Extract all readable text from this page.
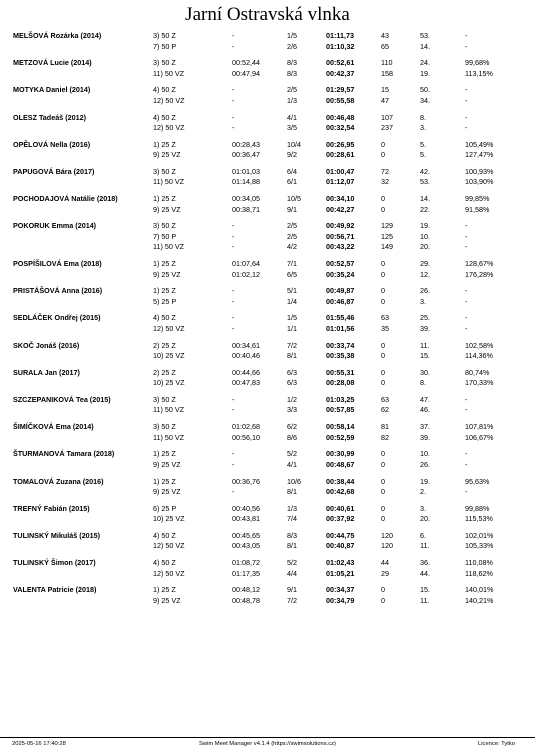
Jarní Ostravská vlnka
MELŠOVÁ Rozárka (2014)	3) 50 Z	-	1/5	01:11,73	43	53.	-
7) 50 P	-	2/6	01:10,32	65	14.	-
METZOVÁ Lucie (2014)	3) 50 Z	00:52,44	8/3	00:52,61	110	24.	99,68%
11) 50 VZ	00:47,94	8/3	00:42,37	158	19.	113,15%
MOTYKA Daniel (2014)	4) 50 Z	-	2/5	01:29,57	15	50.	-
12) 50 VZ	-	1/3	00:55,58	47	34.	-
OLESZ Tadeáš (2012)	4) 50 Z	-	4/1	00:46,48	107	8.	-
12) 50 VZ	-	3/5	00:32,54	237	3.	-
OPĚLOVÁ Nella (2016)	1) 25 Z	00:28,43	10/4	00:26,95	0	5.	105,49%
9) 25 VZ	00:36,47	9/2	00:28,61	0	5.	127,47%
PAPUGOVÁ Bára (2017)	3) 50 Z	01:01,03	6/4	01:00,47	72	42.	100,93%
11) 50 VZ	01:14,88	6/1	01:12,07	32	53.	103,90%
POCHODAJOVÁ Natálie (2018)	1) 25 Z	00:34,05	10/5	00:34,10	0	14.	99,85%
9) 25 VZ	00:38,71	9/1	00:42,27	0	22.	91,58%
POKORUK Emma (2014)	3) 50 Z	-	2/5	00:49,92	129	19.	-
7) 50 P	-	2/5	00:56,71	125	10.	-
11) 50 VZ	-	4/2	00:43,22	149	20.	-
POSPÍŠILOVÁ Ema (2018)	1) 25 Z	01:07,64	7/1	00:52,57	0	29.	128,67%
9) 25 VZ	01:02,12	6/5	00:35,24	0	12.	176,28%
PRISTÁŠOVÁ Anna (2016)	1) 25 Z	-	5/1	00:49,87	0	26.	-
5) 25 P	-	1/4	00:46,87	0	3.	-
SEDLÁČEK Ondřej (2015)	4) 50 Z	-	1/5	01:55,46	63	25.	-
12) 50 VZ	-	1/1	01:01,56	35	39.	-
SKOČ Jonáš (2016)	2) 25 Z	00:34,61	7/2	00:33,74	0	11.	102,58%
10) 25 VZ	00:40,46	8/1	00:35,38	0	15.	114,36%
SURALA Jan (2017)	2) 25 Z	00:44,66	6/3	00:55,31	0	30.	80,74%
10) 25 VZ	00:47,83	6/3	00:28,08	0	8.	170,33%
SZCZEPANIKOVÁ Tea (2015)	3) 50 Z	-	1/2	01:03,25	63	47.	-
11) 50 VZ	-	3/3	00:57,85	62	46.	-
ŠIMÍČKOVÁ Ema (2014)	3) 50 Z	01:02,68	6/2	00:58,14	81	37.	107,81%
11) 50 VZ	00:56,10	8/6	00:52,59	82	39.	106,67%
ŠTURMANOVÁ Tamara (2018)	1) 25 Z	-	5/2	00:30,99	0	10.	-
9) 25 VZ	-	4/1	00:48,67	0	26.	-
TOMALOVÁ Zuzana (2016)	1) 25 Z	00:36,76	10/6	00:38,44	0	19.	95,63%
9) 25 VZ	-	8/1	00:42,68	0	2.	-
TREFNÝ Fabián (2015)	6) 25 P	00:40,56	1/3	00:40,61	0	3.	99,88%
10) 25 VZ	00:43,81	7/4	00:37,92	0	20.	115,53%
TULINSKÝ Mikuláš (2015)	4) 50 Z	00:45,65	8/3	00:44,75	120	6.	102,01%
12) 50 VZ	00:43,05	8/1	00:40,87	120	11.	105,33%
TULINSKÝ Šimon (2017)	4) 50 Z	01:08,72	5/2	01:02,43	44	36.	110,08%
12) 50 VZ	01:17,35	4/4	01:05,21	29	44.	118,62%
VALENTA Patricie (2018)	1) 25 Z	00:48,12	9/1	00:34,37	0	15.	140,01%
9) 25 VZ	00:48,78	7/2	00:34,79	0	11.	140,21%
2025-05-16 17:40:28	Swim Meet Manager v4.1.4 (https://swimsolutions.cz)	Licence: Tytko
